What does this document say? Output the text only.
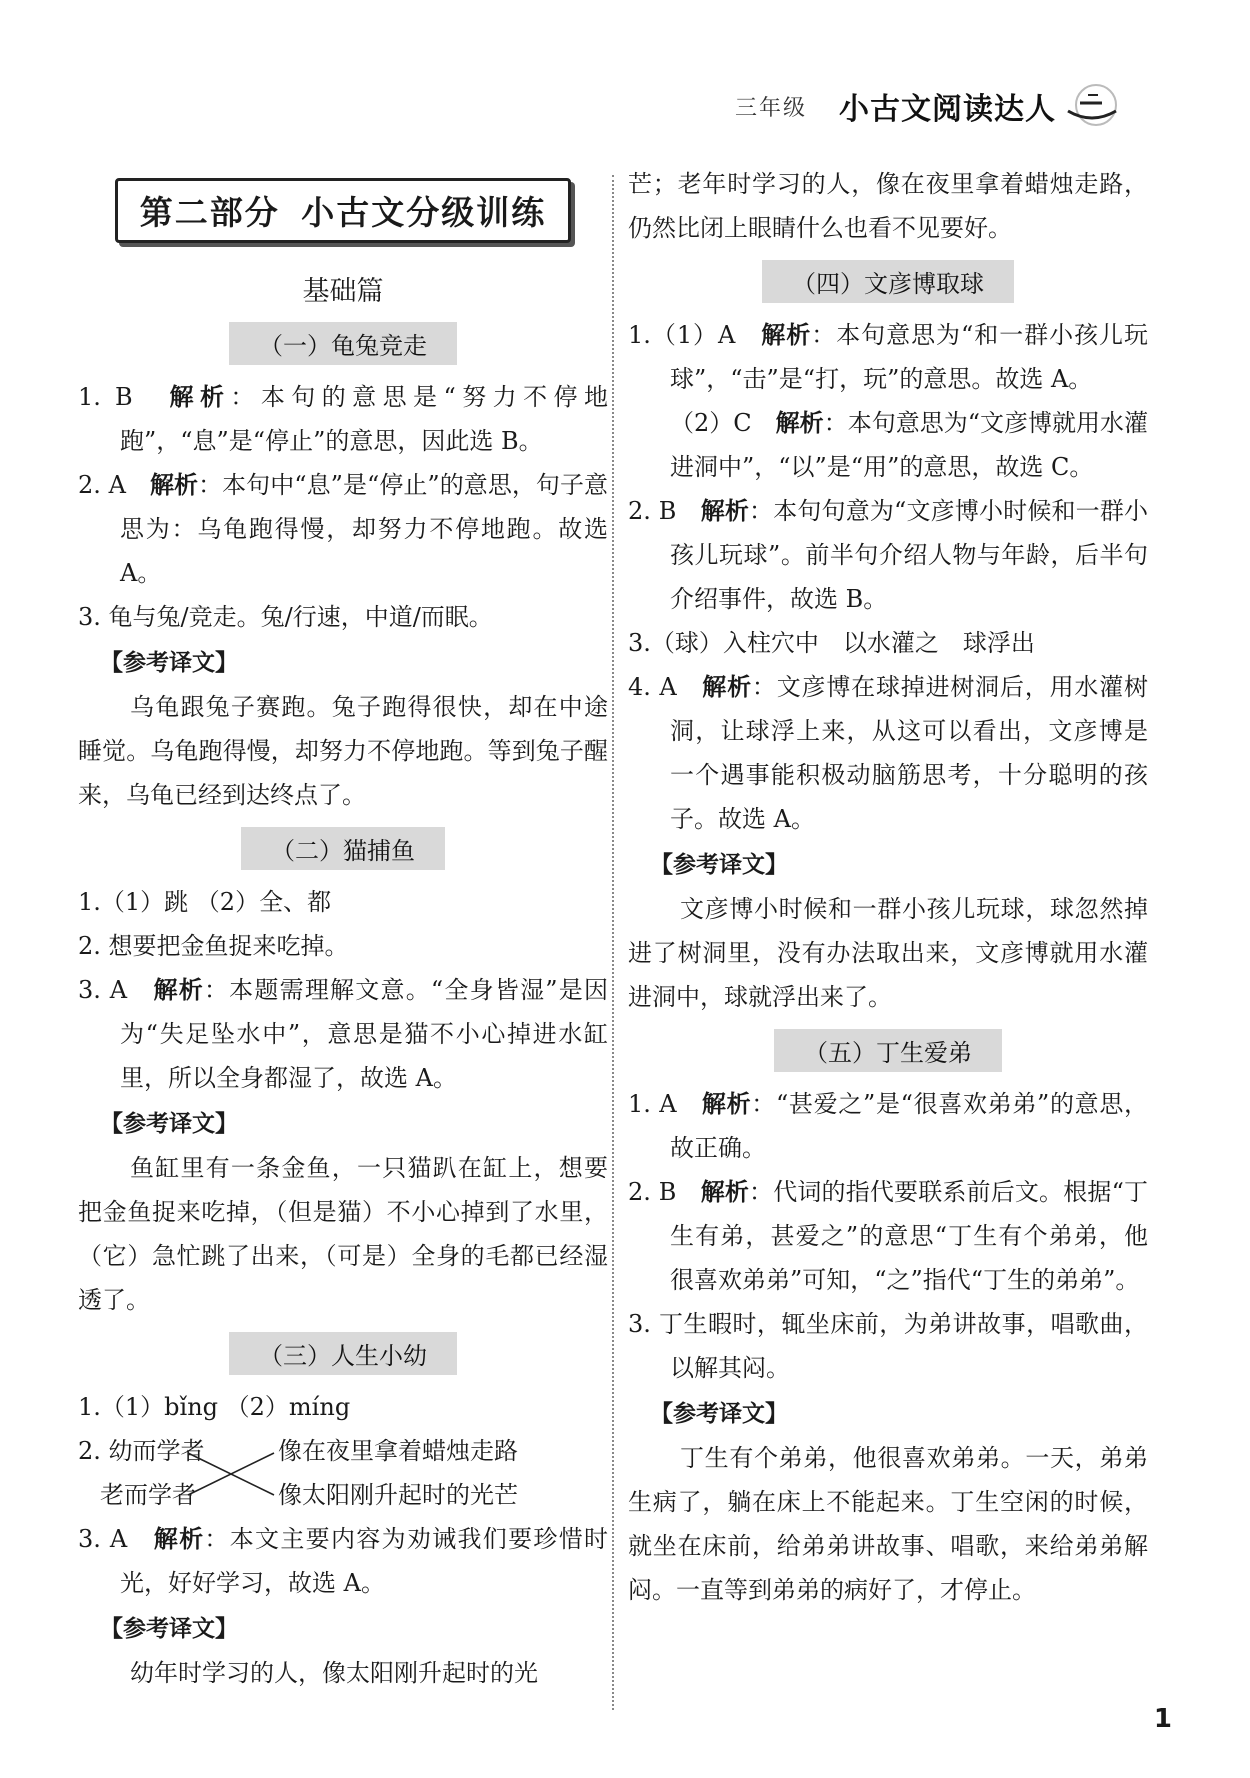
三年级 小古文阅读达人
第二部分 小古文分级训练
基础篇
（一）龟兔竞走

1. B　 解析：本句的意思是“努力不停地跑”，“息”是“停止”的意思，因此选 B。

2. A　 解析：本句中“息”是“停止”的意思，句子意思为：乌龟跑得慢，却努力不停地跑。故选 A。

3. 龟与兔/竞走。兔/行速，中道/而眠。

【参考译文】

乌龟跟兔子赛跑。兔子跑得很快，却在中途睡觉。乌龟跑得慢，却努力不停地跑。等到兔子醒来，乌龟已经到达终点了。

（二）猫捕鱼

1.（1）跳 （2）全、都

2. 想要把金鱼捉来吃掉。

3. A　 解析：本题需理解文意。“全身皆湿”是因为“失足坠水中”，意思是猫不小心掉进水缸里，所以全身都湿了，故选 A。

【参考译文】

鱼缸里有一条金鱼，一只猫趴在缸上，想要把金鱼捉来吃掉，（但是猫）不小心掉到了水里，（它）急忙跳了出来，（可是）全身的毛都已经湿透了。

（三）人生小幼

1.（1）bǐng （2）míng

2. 幼而学者
老而学者
像在夜里拿着蜡烛走路
像太阳刚升起时的光芒

3. A　 解析：本文主要内容为劝诫我们要珍惜时光，好好学习，故选 A。

【参考译文】

幼年时学习的人，像太阳刚升起时的光

芒；老年时学习的人，像在夜里拿着蜡烛走路，仍然比闭上眼睛什么也看不见要好。

（四）文彦博取球

1.（1）A　 解析：本句意思为“和一群小孩儿玩球”，“击”是“打，玩”的意思。故选 A。

（2）C　 解析：本句意思为“文彦博就用水灌进洞中”，“以”是“用”的意思，故选 C。

2. B　 解析：本句句意为“文彦博小时候和一群小孩儿玩球”。前半句介绍人物与年龄，后半句介绍事件，故选 B。

3.（球）入柱穴中　以水灌之　球浮出

4. A　 解析：文彦博在球掉进树洞后，用水灌树洞，让球浮上来，从这可以看出，文彦博是一个遇事能积极动脑筋思考，十分聪明的孩子。故选 A。

【参考译文】

文彦博小时候和一群小孩儿玩球，球忽然掉进了树洞里，没有办法取出来，文彦博就用水灌进洞中，球就浮出来了。

（五）丁生爱弟

1. A　 解析：“甚爱之”是“很喜欢弟弟”的意思，故正确。

2. B　 解析：代词的指代要联系前后文。根据“丁生有弟，甚爱之”的意思“丁生有个弟弟，他很喜欢弟弟”可知，“之”指代“丁生的弟弟”。

3. 丁生暇时，辄坐床前，为弟讲故事，唱歌曲，以解其闷。

【参考译文】

丁生有个弟弟，他很喜欢弟弟。一天，弟弟生病了，躺在床上不能起来。丁生空闲的时候，就坐在床前，给弟弟讲故事、唱歌，来给弟弟解闷。一直等到弟弟的病好了，才停止。

1
